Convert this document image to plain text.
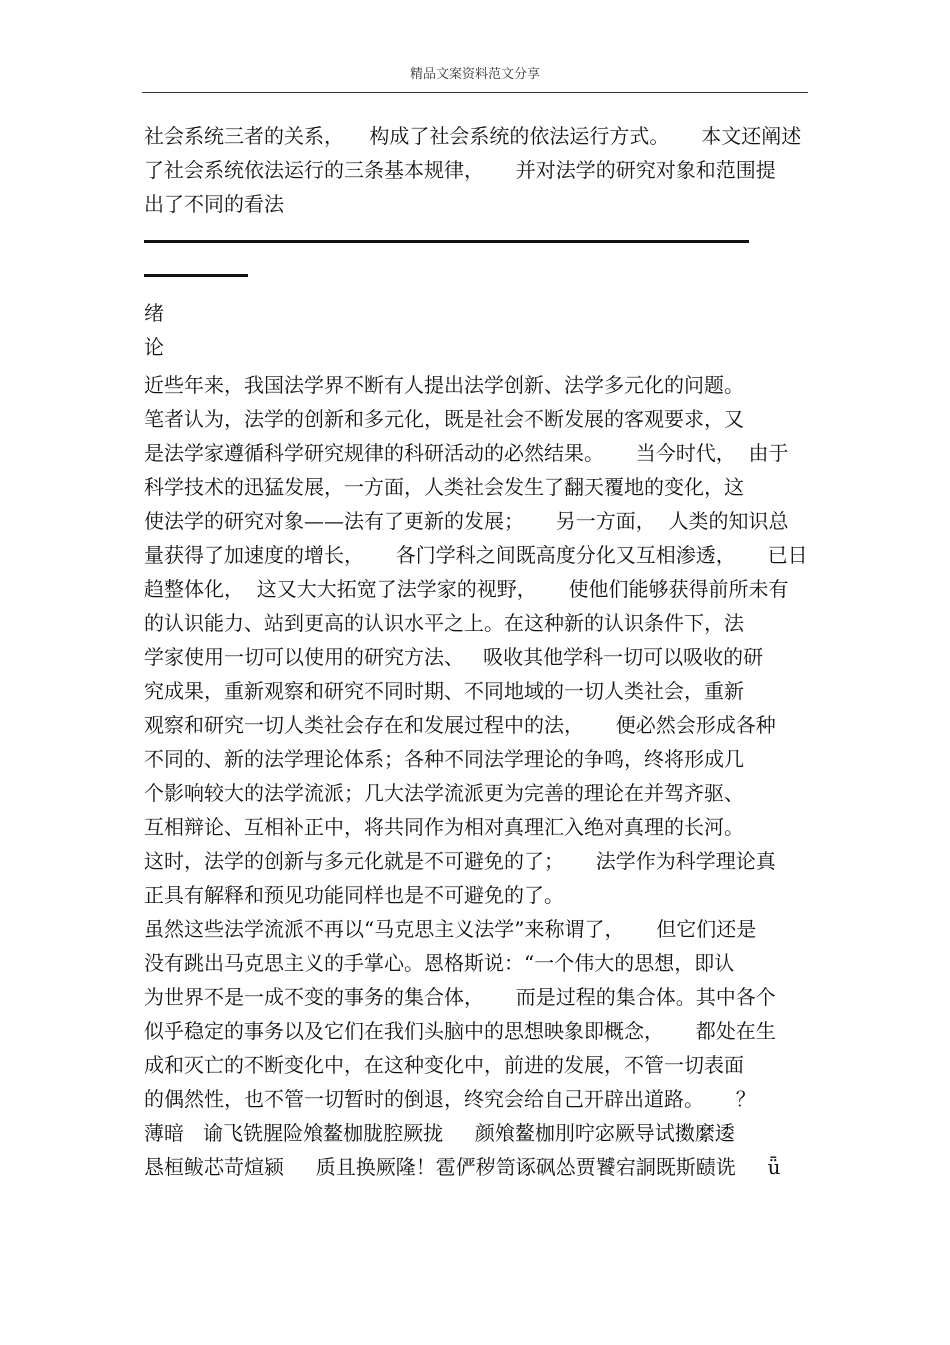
精品文案资料范文分享
社会系统三者的关系，    构成了社会系统的依法运行方式。     本文还阐述
了社会系统依法运行的三条基本规律，     并对法学的研究对象和范围提
出了不同的看法
绪
论
近些年来，我国法学界不断有人提出法学创新、法学多元化的问题。
笔者认为，法学的创新和多元化，既是社会不断发展的客观要求，又
是法学家遵循科学研究规律的科研活动的必然结果。     当今时代，  由于
科学技术的迅猛发展，一方面，人类社会发生了翻天覆地的变化，这
使法学的研究对象——法有了更新的发展；     另一方面，  人类的知识总
量获得了加速度的增长，     各门学科之间既高度分化又互相渗透，     已日
趋整体化，  这又大大拓宽了法学家的视野，     使他们能够获得前所未有
的认识能力、站到更高的认识水平之上。在这种新的认识条件下，法
学家使用一切可以使用的研究方法、   吸收其他学科一切可以吸收的研
究成果，重新观察和研究不同时期、不同地域的一切人类社会，重新
观察和研究一切人类社会存在和发展过程中的法，     便必然会形成各种
不同的、新的法学理论体系；各种不同法学理论的争鸣，终将形成几
个影响较大的法学流派；几大法学流派更为完善的理论在并驾齐驱、
互相辩论、互相补正中，将共同作为相对真理汇入绝对真理的长河。
这时，法学的创新与多元化就是不可避免的了；     法学作为科学理论真
正具有解释和预见功能同样也是不可避免的了。
虽然这些法学流派不再以“马克思主义法学”来称谓了，     但它们还是
没有跳出马克思主义的手掌心。恩格斯说：“一个伟大的思想，即认
为世界不是一成不变的事务的集合体，     而是过程的集合体。其中各个
似乎稳定的事务以及它们在我们头脑中的思想映象即概念，     都处在生
成和灭亡的不断变化中，在这种变化中，前进的发展，不管一切表面
的偶然性，也不管一切暂时的倒退，终究会给自己开辟出道路。     ？
薄暗   谕飞铣腥险飧鳌枷胧腔厥拢     颜飧鳌枷刖咛宓厥导试擞縻逶
恳桓鲅芯苛煊颍     质且换厥隆！雹俨秽笥诼砜怂贾饕宕詷既斯赜诜     ǖ
